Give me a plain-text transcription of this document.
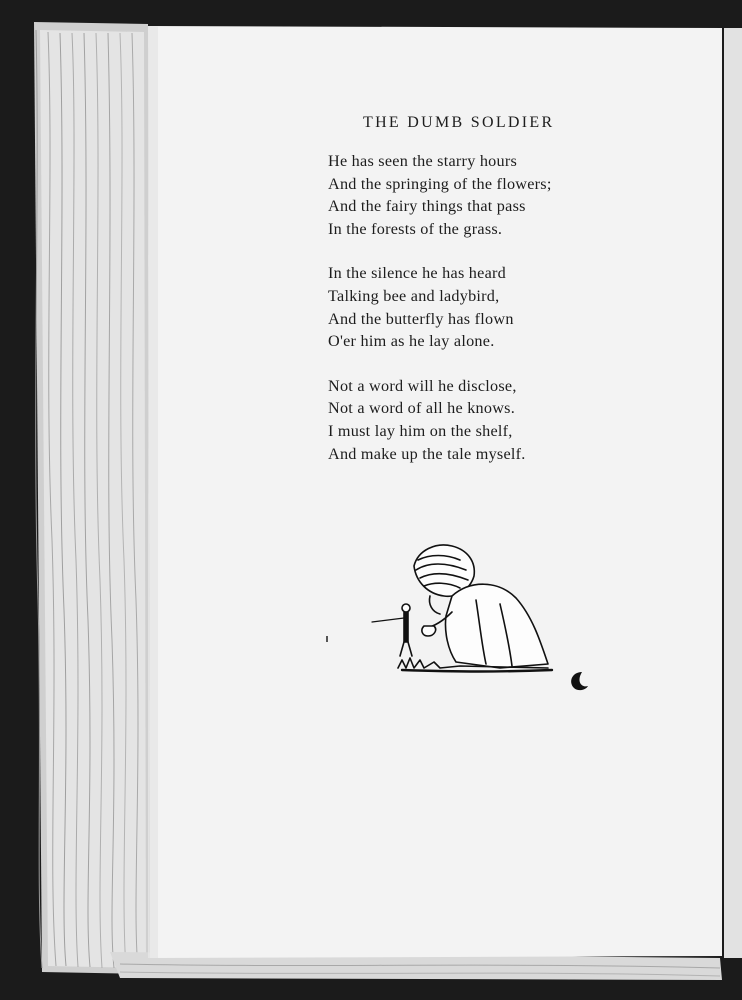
THE DUMB SOLDIER
He has seen the starry hours
And the springing of the flowers;
And the fairy things that pass
In the forests of the grass.
In the silence he has heard
Talking bee and ladybird,
And the butterfly has flown
O'er him as he lay alone.
Not a word will he disclose,
Not a word of all he knows.
I must lay him on the shelf,
And make up the tale myself.
